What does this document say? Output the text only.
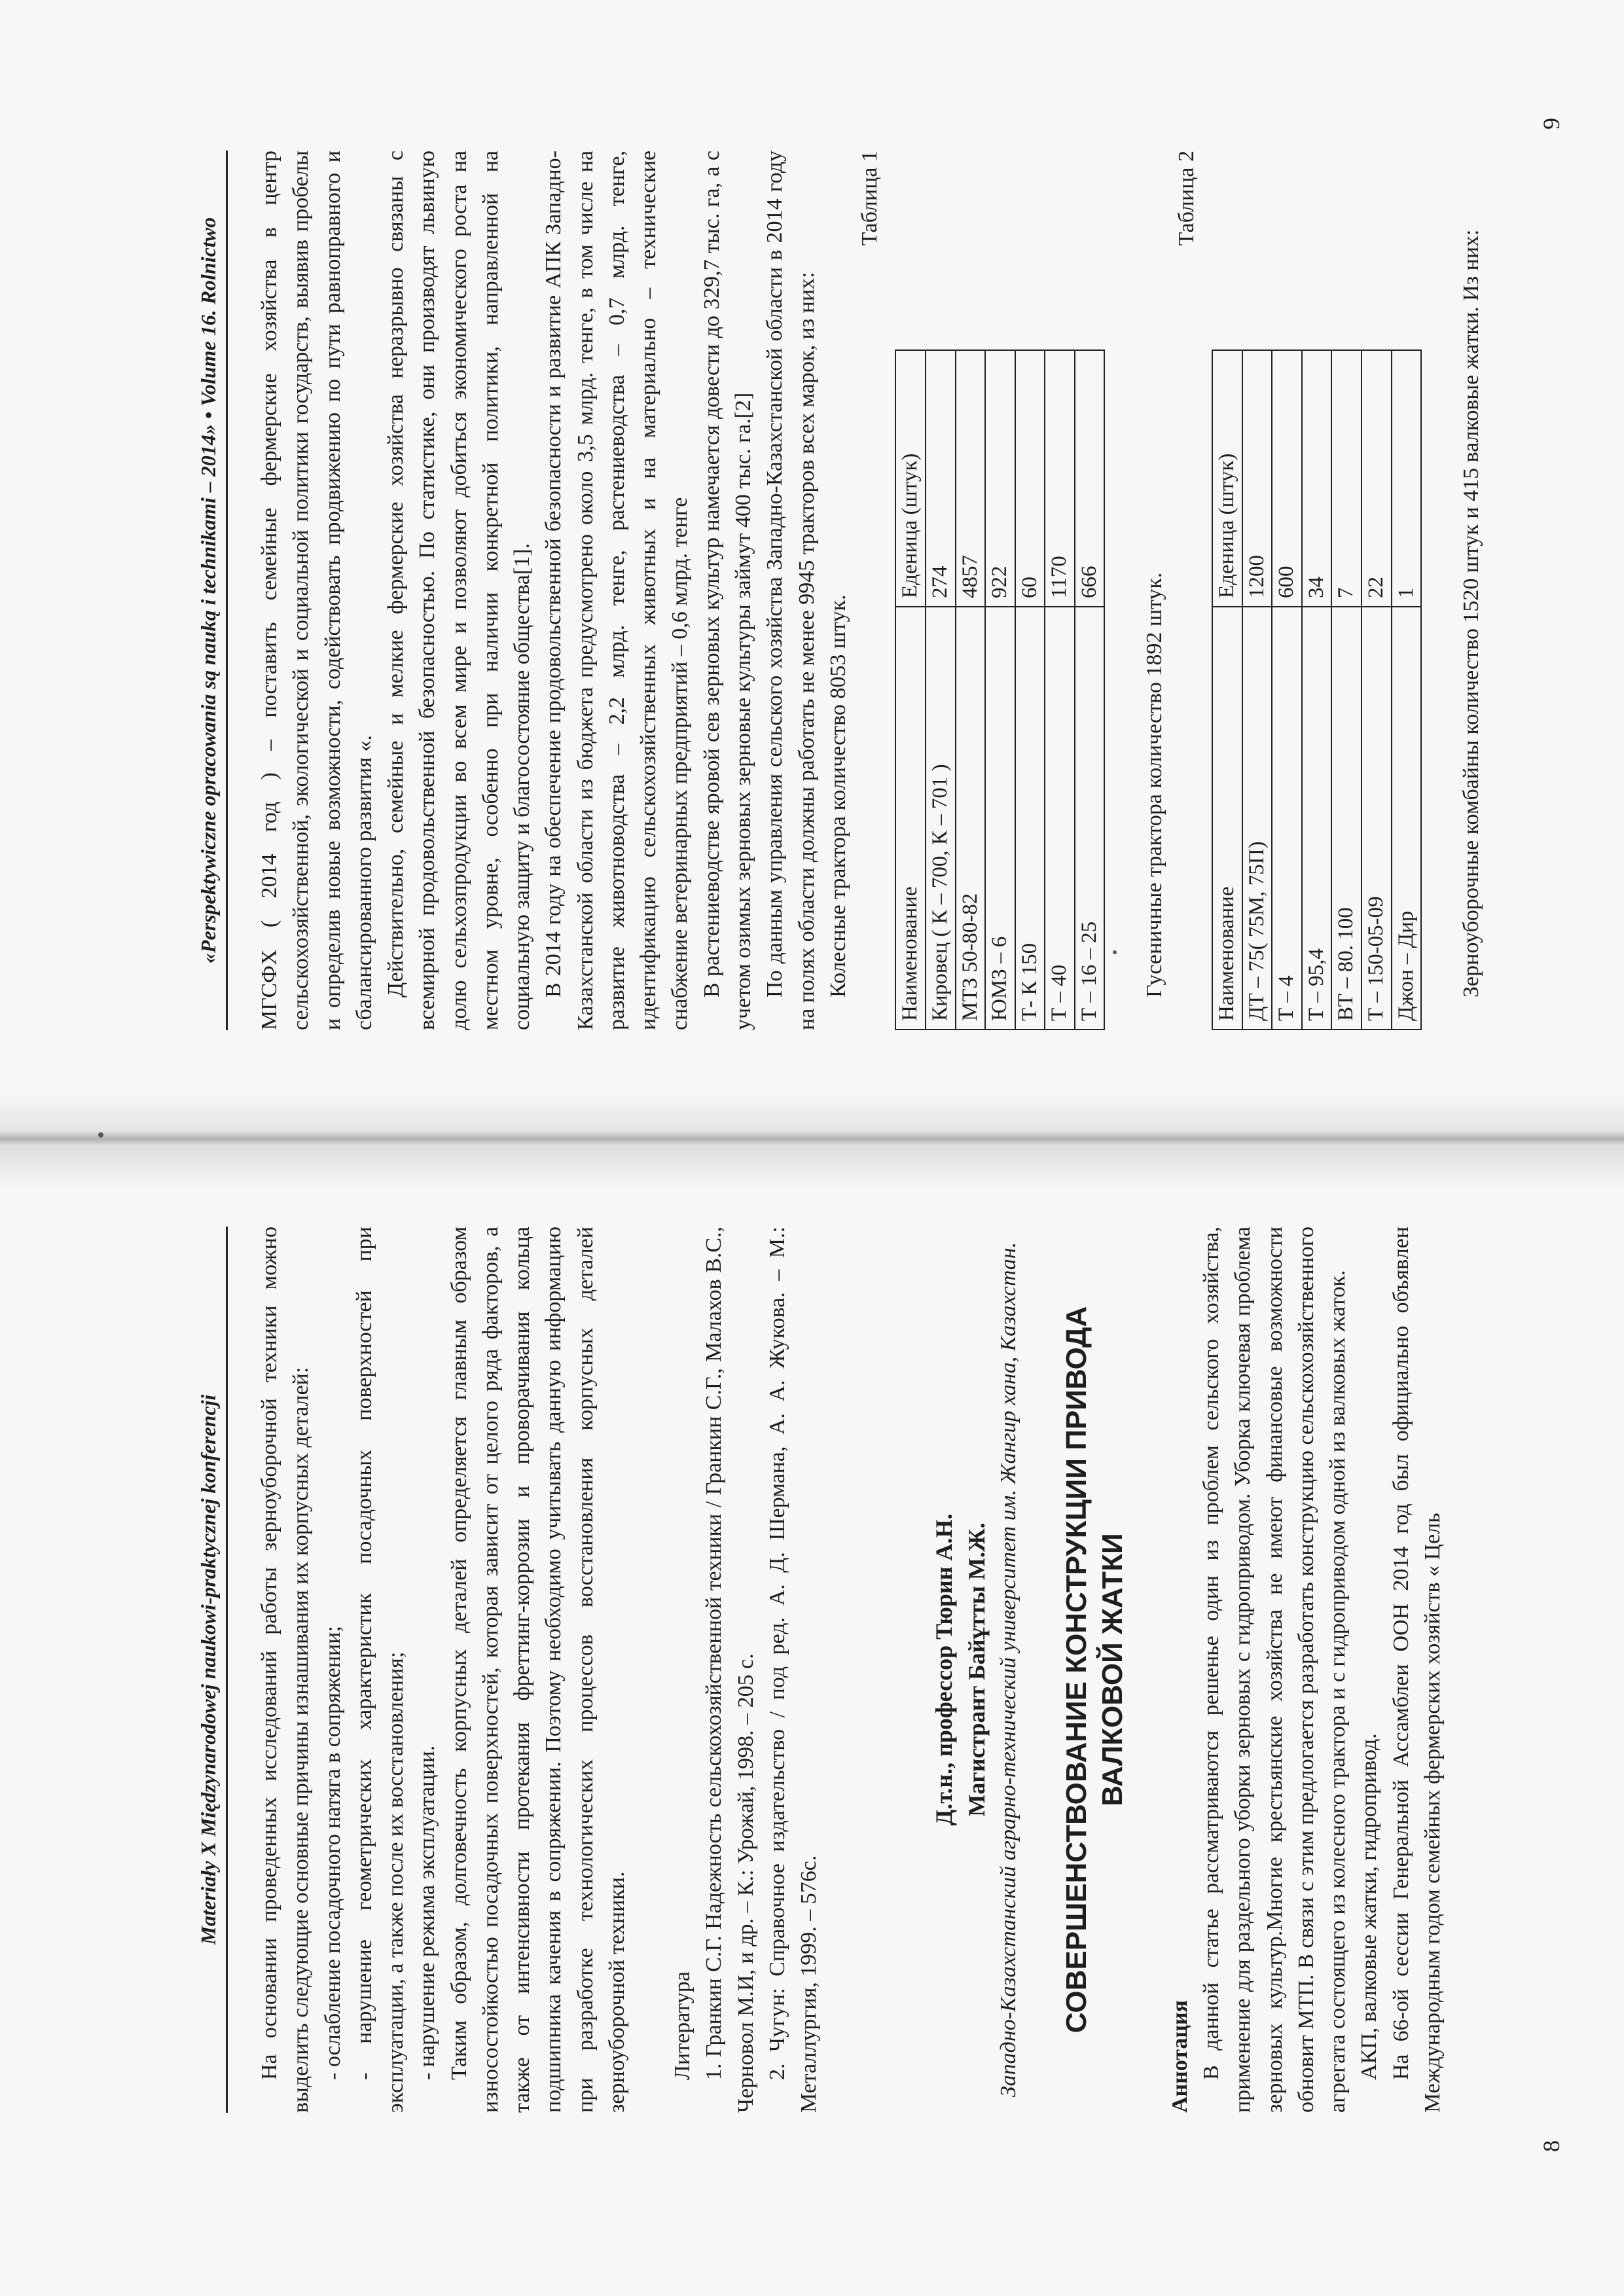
Materiały X Międzynarodowej naukowi-praktycznej konferencji	На основании проведенных исследований работы зерноуборочной техники можно выделить следующие основные причины изнашивания их корпусных деталей: - ослабление посадочного натяга в сопряжении; - нарушение геометрических характеристик посадочных поверхностей при эксплуатации, а также после их восстановления; - нарушение режима эксплуатации. Таким образом, долговечность корпусных деталей определяется главным образом износостойкостью посадочных поверхностей, которая зависит от целого ряда факторов, а также от интенсивности протекания фреттинг-коррозии и проворачивания кольца подшипника качения в сопряжении. Поэтому необходимо учитывать данную информацию при разработке технологических процессов восстановления корпусных деталей зерноуборочной техники. Литература 1. Гранкин С.Г. Надежность сельскохозяйственной техники / Гранкин С.Г., Малахов В.С., Черновол М.И, и др. – К.: Урожай, 1998. – 205 с. 2. Чугун: Справочное издательство / под ред. А. Д. Шермана, А. А. Жукова. – М.: Металлургия, 1999. – 576с.

Д.т.н., профессор Тюрин А.Н. Магистрант Байұтты М.Ж. Западно-Казахстанский аграрно-технический университет им. Жангир хана, Казахстан. СОВЕРШЕНСТВОВАНИЕ КОНСТРУКЦИИ ПРИВОДА ВАЛКОВОЙ ЖАТКИ

Аннотация В данной статье рассматриваются решенье один из проблем сельского хозяйства, применение для раздельного уборки зерновых с гидроприводом. Уборка ключевая проблема зерновых культур.Многие крестьянские хозяйства не имеют финансовые возможности обновит МТП. В связи с этим предлогается разработать конструкцию сельскохозяйственного агрегата состоящего из колесного трактора и с гидроприводом одной из валковых жаток. АКП, валковые жатки, гидропривод. На 66-ой сессии Генеральной Ассамблеи ООН 2014 год был официально объявлен Международным годом семейных фермерских хозяйств « Цель

8
«Perspektywiczne opracowania są nauką i technikami – 2014» • Volume 16. Rolnictwo	МГСФХ ( 2014 год ) – поставить семейные фермерские хозяйства в центр сельскохозяйственной, экологической и социальной политики государств, выявив пробелы и определив новые возможности, содействовать продвижению по пути равноправного и сбалансированного развития «. Действительно, семейные и мелкие фермерские хозяйства неразрывно связаны с всемирной продовольственной безопасностью. По статистике, они производят львиную долю сельхозпродукции во всем мире и позволяют добиться экономического роста на местном уровне, особенно при наличии конкретной политики, направленной на социальную защиту и благосостояние общества[1]. В 2014 году на обеспечение продовольственной безопасности и развитие АПК Западно-Казахстанской области из бюджета предусмотрено около 3,5 млрд. тенге, в том числе на развитие животноводства – 2,2 млрд. тенге, растениеводства – 0,7 млрд. тенге, идентификацию сельскохозяйственных животных и на материально – технические снабжение ветеринарных предприятий – 0,6 млрд. тенге В растениеводстве яровой сев зерновых культур намечается довести до 329,7 тыс. га, а с учетом озимых зерновых зерновые культуры займут 400 тыс. га.[2] По данным управления сельского хозяйства Западно-Казахстанской области в 2014 году на полях области должны работать не менее 9945 тракторов всех марок, из них: Колесные трактора количество 8053 штук.

Таблица 1

Наименование	Еденица (штук)
Кировец ( К – 700, К – 701 )	274
МТЗ 50-80-82	4857
ЮМЗ – 6	922
Т- К 150	60
Т – 40	1170
Т – 16 – 25	666 Гусеничные трактора количество 1892 штук.

Таблица 2

Наименование	Еденица (штук)
ДТ – 75( 75М, 75П)	1200
Т – 4	600
Т – 95,4	34
ВТ – 80. 100	7
Т – 150-05-09	22
Джон – Дир	1 Зерноуборочные комбайны количество 1520 штук и 415 валковые жатки. Из них:

9
